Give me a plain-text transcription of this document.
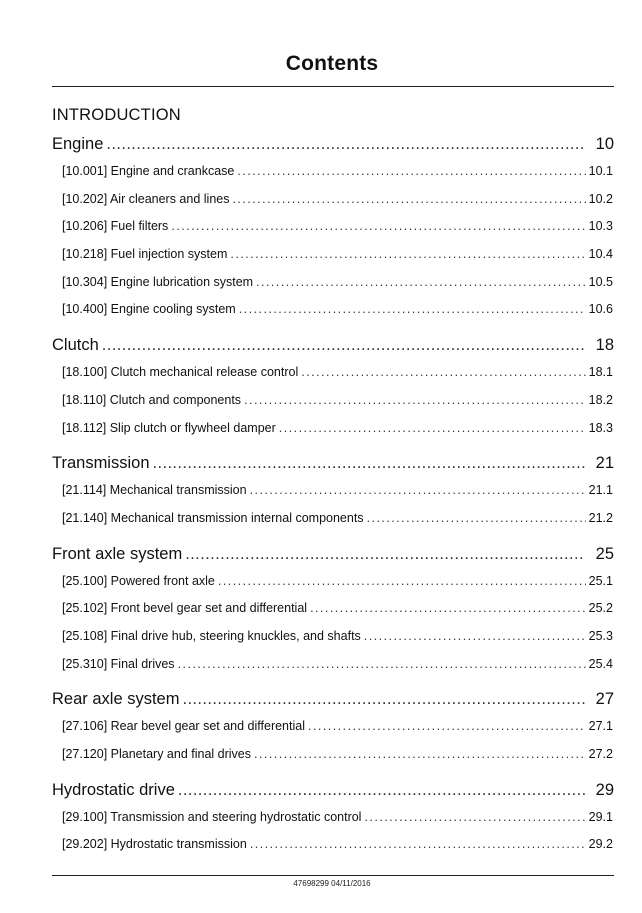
Contents
INTRODUCTION
Engine .....	10
[10.001] Engine and crankcase . . .	10.1
[10.202] Air cleaners and lines . . .	10.2
[10.206] Fuel filters . . .	10.3
[10.218] Fuel injection system . . .	10.4
[10.304] Engine lubrication system . . .	10.5
[10.400] Engine cooling system . . .	10.6
Clutch .....	18
[18.100] Clutch mechanical release control . . .	18.1
[18.110] Clutch and components . . .	18.2
[18.112] Slip clutch or flywheel damper . . .	18.3
Transmission .....	21
[21.114] Mechanical transmission . . .	21.1
[21.140] Mechanical transmission internal components . . .	21.2
Front axle system .....	25
[25.100] Powered front axle . . .	25.1
[25.102] Front bevel gear set and differential . . .	25.2
[25.108] Final drive hub, steering knuckles, and shafts . . .	25.3
[25.310] Final drives . . .	25.4
Rear axle system .....	27
[27.106] Rear bevel gear set and differential . . .	27.1
[27.120] Planetary and final drives . . .	27.2
Hydrostatic drive .....	29
[29.100] Transmission and steering hydrostatic control . . .	29.1
[29.202] Hydrostatic transmission . . .	29.2
47698299 04/11/2016
